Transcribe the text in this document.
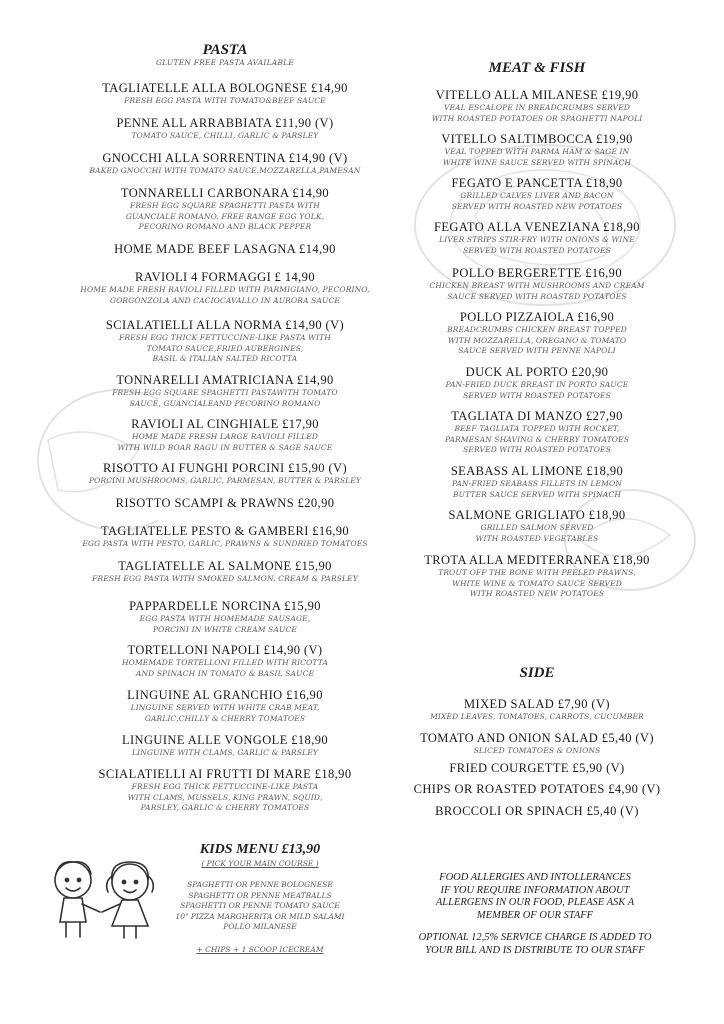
PASTA
GLUTEN FREE PASTA AVAILABLE
TAGLIATELLE ALLA BOLOGNESE £14,90
FRESH EGG PASTA WITH TOMATO&BEEF SAUCE
PENNE ALL ARRABBIATA £11,90 (V)
TOMATO SAUCE, CHILLI, GARLIC & PARSLEY
GNOCCHI ALLA SORRENTINA £14,90 (V)
BAKED GNOCCHI WITH TOMATO SAUCE,MOZZARELLA,PAMESAN
TONNARELLI CARBONARA £14,90
FRESH EGG SQUARE SPAGHETTI PASTA WITH
GUANCIALE ROMANO, FREE RANGE EGG YOLK,
PECORINO ROMANO AND BLACK PEPPER
HOME MADE BEEF LASAGNA £14,90
RAVIOLI 4 FORMAGGI £ 14,90
HOME MADE FRESH RAVIOLI FILLED WITH PARMIGIANO, PECORINO,
GORGONZOLA AND CACIOCAVALLO IN AURORA SAUCE
SCIALATIELLI ALLA NORMA £14,90 (V)
FRESH EGG THICK FETTUCCINE-LIKE PASTA WITH
TOMATO SAUCE,FRIED AUBERGINES,
BASIL & ITALIAN SALTED RICOTTA
TONNARELLI AMATRICIANA £14,90
FRESH EGG SQUARE SPAGHETTI PASTAWITH TOMATO
SAUCE, GUANCIALEAND PECORINO ROMANO
RAVIOLI AL CINGHIALE £17,90
HOME MADE FRESH LARGE RAVIOLI FILLED
WITH WILD BOAR RAGU IN BUTTER & SAGE SAUCE
RISOTTO AI FUNGHI PORCINI £15,90 (V)
PORCINI MUSHROOMS, GARLIC, PARMESAN, BUTTER & PARSLEY
RISOTTO SCAMPI & PRAWNS £20,90
TAGLIATELLE PESTO & GAMBERI £16,90
EGG PASTA WITH PESTO, GARLIC, PRAWNS & SUNDRIED TOMATOES
TAGLIATELLE AL SALMONE £15,90
FRESH EGG PASTA WITH SMOKED SALMON, CREAM & PARSLEY
PAPPARDELLE NORCINA £15,90
EGG PASTA WITH HOMEMADE SAUSAGE,
PORCINI IN WHITE CREAM SAUCE
TORTELLONI NAPOLI £14,90 (V)
HOMEMADE TORTELLONI FILLED WITH RICOTTA
AND SPINACH IN TOMATO & BASIL SAUCE
LINGUINE AL GRANCHIO £16,90
LINGUINE SERVED WITH WHITE CRAB MEAT,
GARLIC,CHILLY & CHERRY TOMATOES
LINGUINE ALLE VONGOLE £18,90
LINGUINE WITH CLAMS, GARLIC & PARSLEY
SCIALATIELLI AI FRUTTI DI MARE £18,90
FRESH EGG THICK FETTUCCINE-LIKE PASTA
WITH CLAMS, MUSSELS, KING PRAWN, SQUID,
PARSLEY, GARLIC & CHERRY TOMATOES
MEAT & FISH
SIDE
VITELLO ALLA MILANESE £19,90
VEAL ESCALOPE IN BREADCRUMBS SERVED
WITH ROASTED POTATOES OR SPAGHETTI NAPOLI
VITELLO SALTIMBOCCA £19,90
VEAL TOPPED WITH PARMA HAM & SAGE IN
WHITE WINE SAUCE SERVED WITH SPINACH
FEGATO E PANCETTA £18,90
GRILLED CALVES LIVER AND BACON
SERVED WITH ROASTED NEW POTATOES
FEGATO ALLA VENEZIANA £18,90
LIVER STRIPS STIR-FRY WITH ONIONS & WINE
SERVED WITH ROASTED POTATOES
POLLO BERGERETTE £16,90
CHICKEN BREAST WITH MUSHROOMS AND CREAM
SAUCE SERVED WITH ROASTED POTATOES
POLLO PIZZAIOLA £16,90
BREADCRUMBS CHICKEN BREAST TOPPED
WITH MOZZARELLA, OREGANO & TOMATO
SAUCE SERVED WITH PENNE NAPOLI
DUCK AL PORTO £20,90
PAN-FRIED DUCK BREAST IN PORTO SAUCE
SERVED WITH ROASTED POTATOES
TAGLIATA DI MANZO £27,90
BEEF TAGLIATA TOPPED WITH ROCKET,
PARMESAN SHAVING & CHERRY TOMATOES
SERVED WITH ROASTED POTATOES
SEABASS AL LIMONE £18,90
PAN-FRIED SEABASS FILLETS IN LEMON
BUTTER SAUCE SERVED WITH SPINACH
SALMONE GRIGLIATO £18,90
GRILLED SALMON SERVED
WITH ROASTED VEGETABLES
TROTA ALLA MEDITERRANEA £18,90
TROUT OFF THE BONE WITH PEELED PRAWNS,
WHITE WINE & TOMATO SAUCE SERVED
WITH ROASTED NEW POTATOES
MIXED SALAD £7,90 (V)
MIXED LEAVES, TOMATOES, CARROTS, CUCUMBER
TOMATO AND ONION SALAD £5,40 (V)
SLICED TOMATOES & ONIONS
FRIED COURGETTE £5,90 (V)
CHIPS OR ROASTED POTATOES £4,90 (V)
BROCCOLI OR SPINACH £5,40 (V)
KIDS MENU £13,90
( PICK YOUR MAIN COURSE )
SPAGHETTI OR PENNE BOLOGNESE
SPAGHETTI OR PENNE MEATBALLS
SPAGHETTI OR PENNE TOMATO SAUCE
10" PIZZA MARGHERITA OR MILD SALAMI
POLLO MILANESE
+ CHIPS + 1 SCOOP ICECREAM
FOOD ALLERGIES AND INTOLLERANCES
IF YOU REQUIRE INFORMATION ABOUT
ALLERGENS IN OUR FOOD, PLEASE ASK A
MEMBER OF OUR STAFF
OPTIONAL 12,5% SERVICE CHARGE IS ADDED TO
YOUR BILL AND IS DISTRIBUTE TO OUR STAFF
